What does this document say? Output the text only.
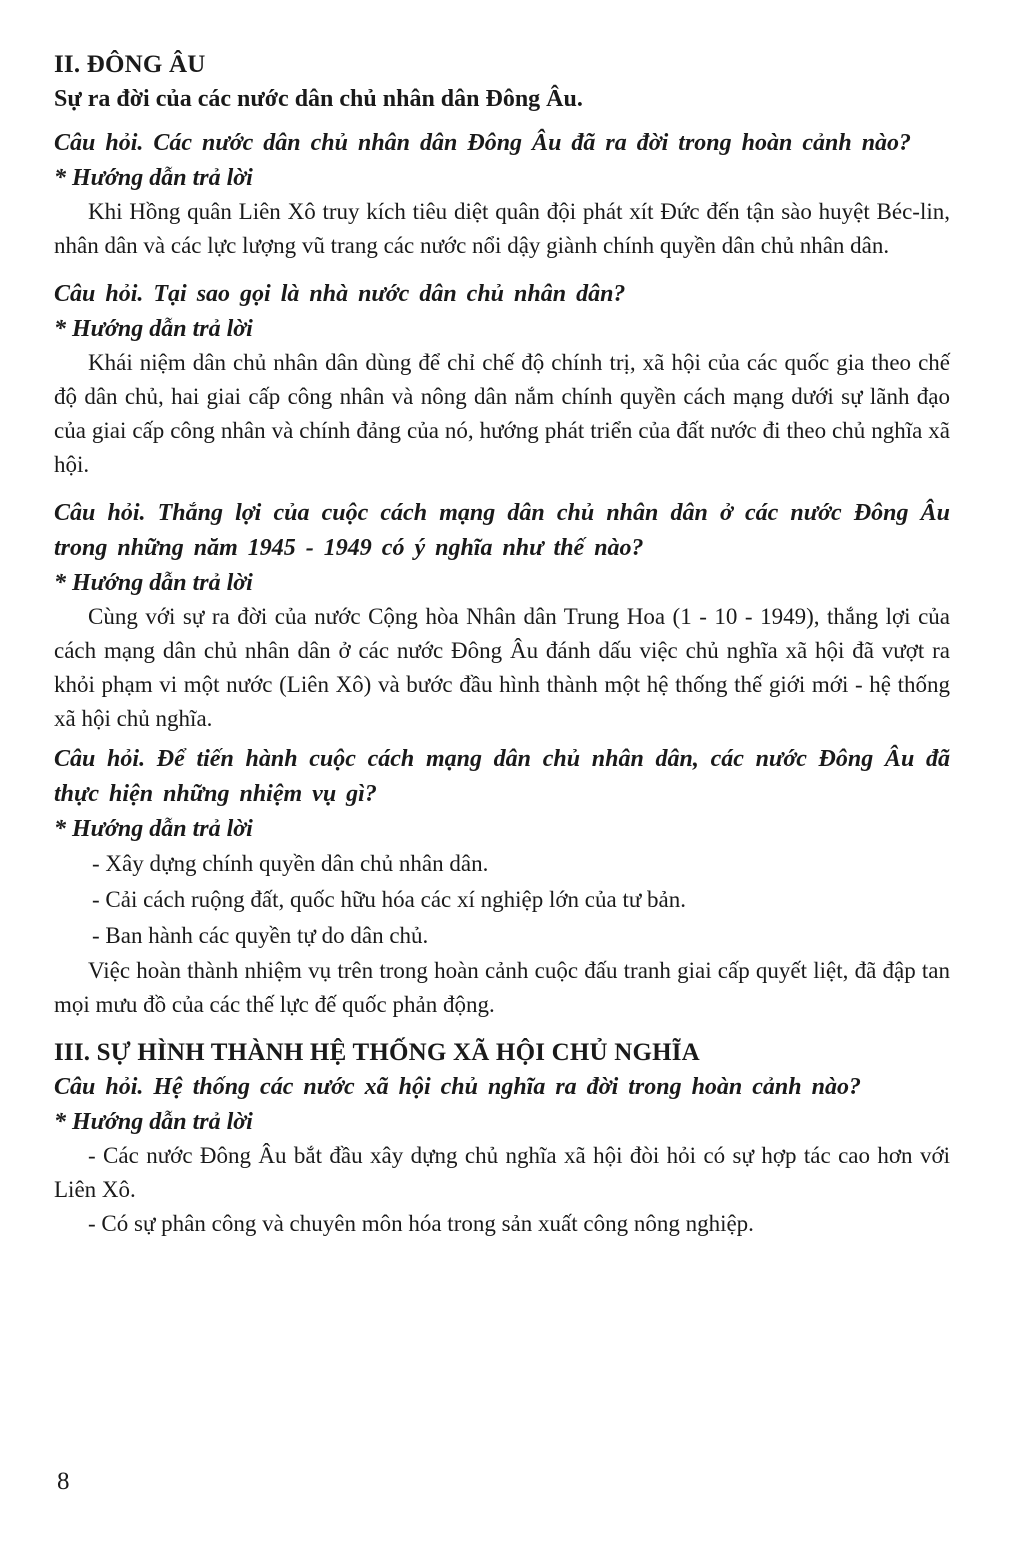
II. ĐÔNG ÂU

Sự ra đời của các nước dân chủ nhân dân Đông Âu.

Câu hỏi. Các nước dân chủ nhân dân Đông Âu đã ra đời trong hoàn cảnh nào?

* Hướng dẫn trả lời

Khi Hồng quân Liên Xô truy kích tiêu diệt quân đội phát xít Đức đến tận sào huyệt Béc-lin, nhân dân và các lực lượng vũ trang các nước nổi dậy giành chính quyền dân chủ nhân dân.

Câu hỏi. Tại sao gọi là nhà nước dân chủ nhân dân?

* Hướng dẫn trả lời

Khái niệm dân chủ nhân dân dùng để chỉ chế độ chính trị, xã hội của các quốc gia theo chế độ dân chủ, hai giai cấp công nhân và nông dân nắm chính quyền cách mạng dưới sự lãnh đạo của giai cấp công nhân và chính đảng của nó, hướng phát triển của đất nước đi theo chủ nghĩa xã hội.

Câu hỏi. Thắng lợi của cuộc cách mạng dân chủ nhân dân ở các nước Đông Âu trong những năm 1945 - 1949 có ý nghĩa như thế nào?

* Hướng dẫn trả lời

Cùng với sự ra đời của nước Cộng hòa Nhân dân Trung Hoa (1 - 10 - 1949), thắng lợi của cách mạng dân chủ nhân dân ở các nước Đông Âu đánh dấu việc chủ nghĩa xã hội đã vượt ra khỏi phạm vi một nước (Liên Xô) và bước đầu hình thành một hệ thống thế giới mới - hệ thống xã hội chủ nghĩa.

Câu hỏi. Để tiến hành cuộc cách mạng dân chủ nhân dân, các nước Đông Âu đã thực hiện những nhiệm vụ gì?

* Hướng dẫn trả lời

- Xây dựng chính quyền dân chủ nhân dân.

- Cải cách ruộng đất, quốc hữu hóa các xí nghiệp lớn của tư bản.

- Ban hành các quyền tự do dân chủ.

Việc hoàn thành nhiệm vụ trên trong hoàn cảnh cuộc đấu tranh giai cấp quyết liệt, đã đập tan mọi mưu đồ của các thế lực đế quốc phản động.

III. SỰ HÌNH THÀNH HỆ THỐNG XÃ HỘI CHỦ NGHĨA

Câu hỏi. Hệ thống các nước xã hội chủ nghĩa ra đời trong hoàn cảnh nào?

* Hướng dẫn trả lời

- Các nước Đông Âu bắt đầu xây dựng chủ nghĩa xã hội đòi hỏi có sự hợp tác cao hơn với Liên Xô.

- Có sự phân công và chuyên môn hóa trong sản xuất công nông nghiệp.

8
